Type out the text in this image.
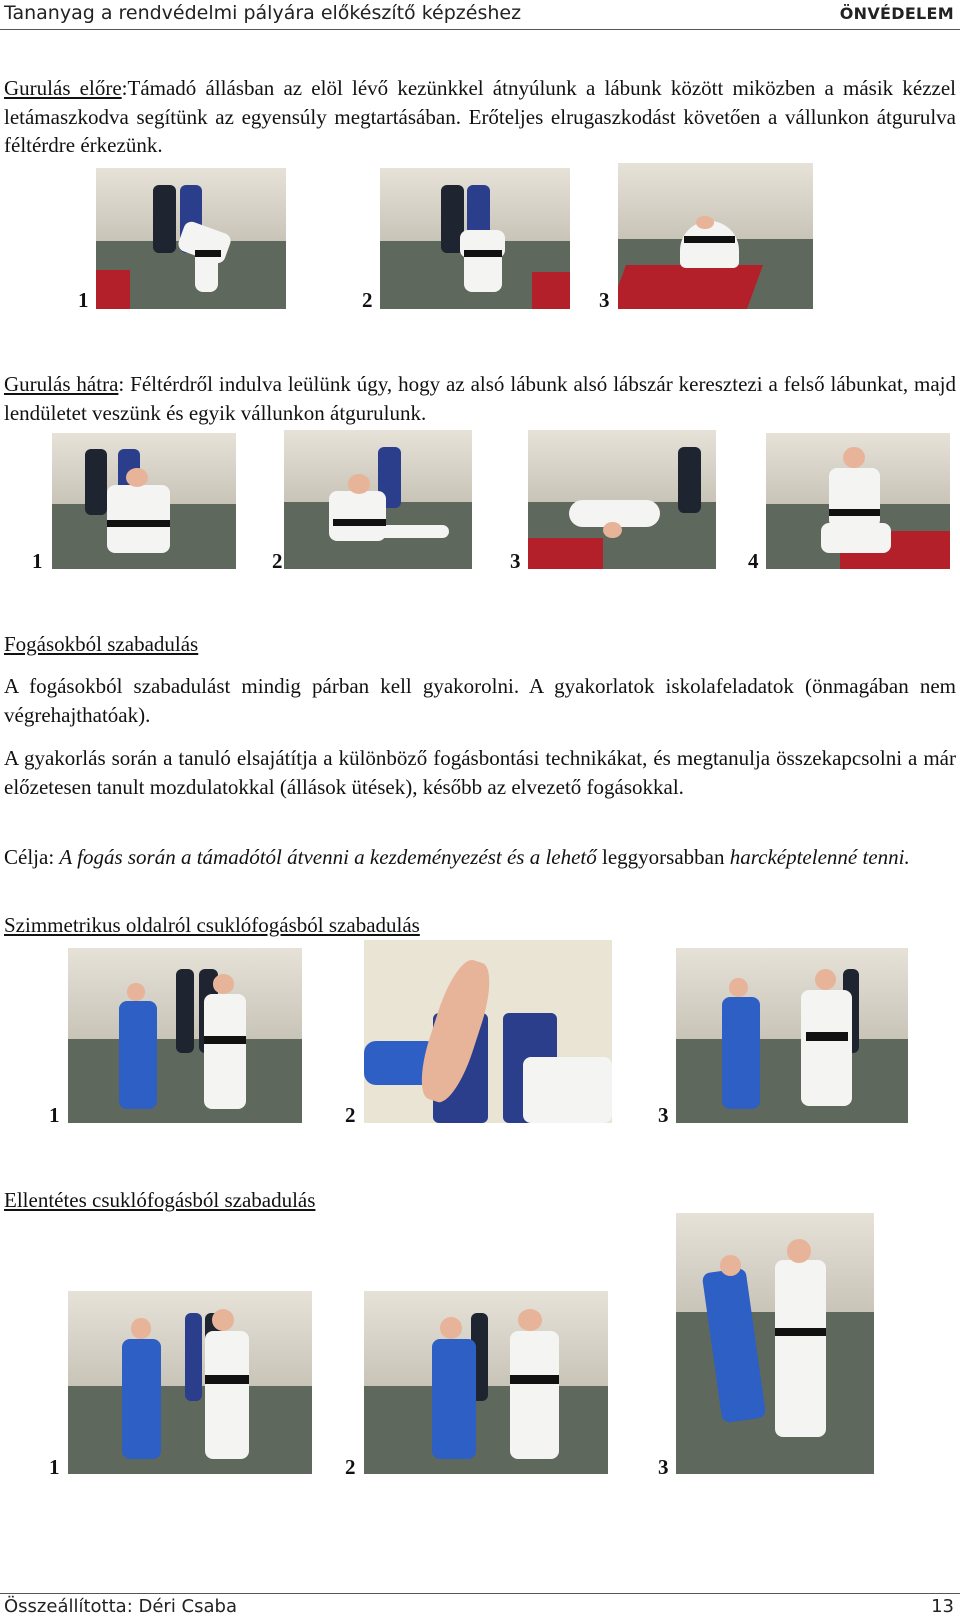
Tananyag a rendvédelmi pályára előkészítő képzéshez	ÖNVÉDELEM
Gurulás előre:Támadó állásban az elöl lévő kezünkkel átnyúlunk a lábunk között miközben a másik kézzel letámaszkodva segítünk az egyensúly megtartásában. Erőteljes elrugaszkodást követően a vállunkon átgurulva féltérdre érkezünk.
1	2	3
Gurulás hátra: Féltérdről indulva leülünk úgy, hogy az alsó lábunk alsó lábszár keresztezi a felső lábunkat, majd lendületet veszünk és egyik vállunkon átgurulunk.
1	2	3	4
Fogásokból szabadulás
A fogásokból szabadulást mindig párban kell gyakorolni. A gyakorlatok iskolafeladatok (önmagában nem végrehajthatóak).
A gyakorlás során a tanuló elsajátítja a különböző fogásbontási technikákat, és megtanulja összekapcsolni a már előzetesen tanult mozdulatokkal (állások ütések), később az elvezető fogásokkal.
Célja: A fogás során a támadótól átvenni a kezdeményezést és a lehető leggyorsabban harcképtelenné tenni.
Szimmetrikus oldalról csuklófogásból szabadulás
1	2	3
Ellentétes csuklófogásból szabadulás
1	2	3
Összeállította: Déri Csaba	13
